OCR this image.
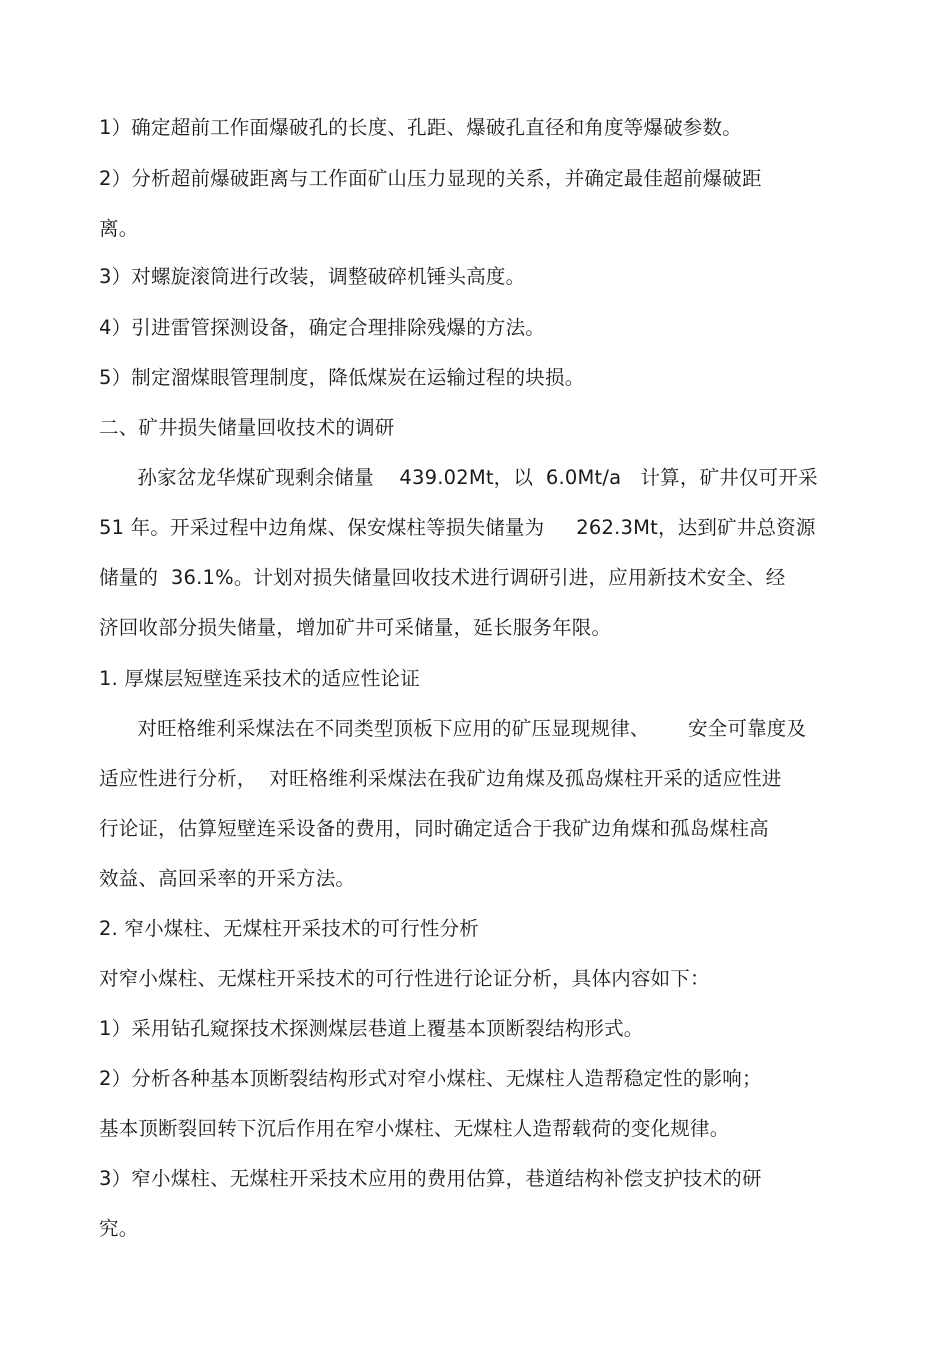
1）确定超前工作面爆破孔的长度、孔距、爆破孔直径和角度等爆破参数。
2）分析超前爆破距离与工作面矿山压力显现的关系，并确定最佳超前爆破距
离。
3）对螺旋滚筒进行改装，调整破碎机锤头高度。
4）引进雷管探测设备，确定合理排除残爆的方法。
5）制定溜煤眼管理制度，降低煤炭在运输过程的块损。
二、矿井损失储量回收技术的调研
孙家岔龙华煤矿现剩余储量    439.02Mt，以  6.0Mt/a   计算，矿井仅可开采
51 年。开采过程中边角煤、保安煤柱等损失储量为     262.3Mt，达到矿井总资源
储量的  36.1%。计划对损失储量回收技术进行调研引进，应用新技术安全、经
济回收部分损失储量，增加矿井可采储量，延长服务年限。
1. 厚煤层短壁连采技术的适应性论证
对旺格维利采煤法在不同类型顶板下应用的矿压显现规律、      安全可靠度及
适应性进行分析，  对旺格维利采煤法在我矿边角煤及孤岛煤柱开采的适应性进
行论证，估算短壁连采设备的费用，同时确定适合于我矿边角煤和孤岛煤柱高
效益、高回采率的开采方法。
2. 窄小煤柱、无煤柱开采技术的可行性分析
对窄小煤柱、无煤柱开采技术的可行性进行论证分析，具体内容如下：
1）采用钻孔窥探技术探测煤层巷道上覆基本顶断裂结构形式。
2）分析各种基本顶断裂结构形式对窄小煤柱、无煤柱人造帮稳定性的影响；
基本顶断裂回转下沉后作用在窄小煤柱、无煤柱人造帮载荷的变化规律。
3）窄小煤柱、无煤柱开采技术应用的费用估算，巷道结构补偿支护技术的研
究。
